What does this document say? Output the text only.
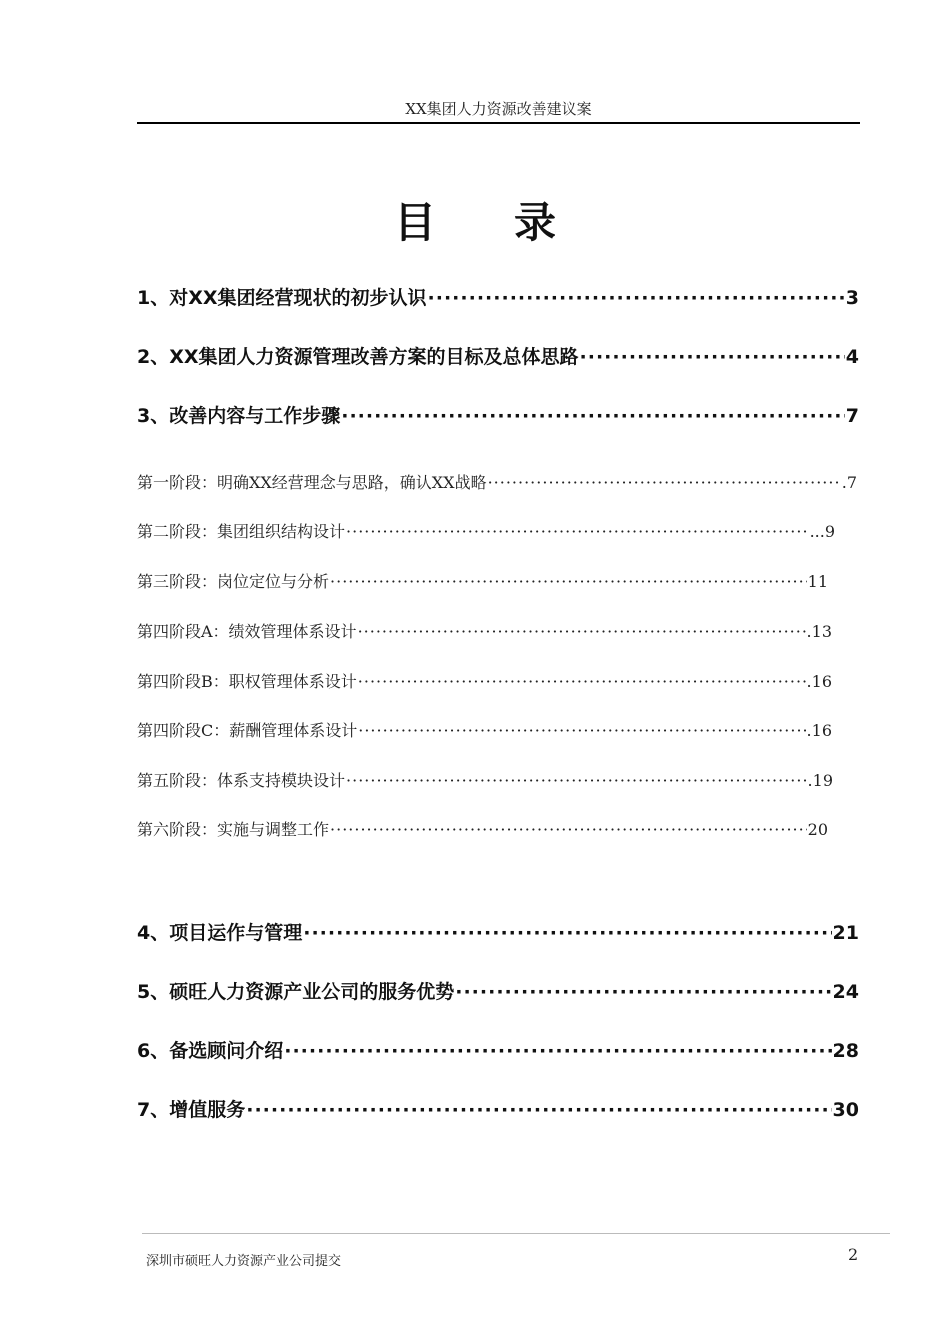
XX集团人力资源改善建议案
目 录
1、对XX集团经营现状的初步认识 ·····	3
2、XX集团人力资源管理改善方案的目标及总体思路 ·····	4
3、改善内容与工作步骤 ·····	7
第一阶段：明确XX经营理念与思路，确认XX战略 ·····	.7
第二阶段：集团组织结构设计 ·····	...9
第三阶段：岗位定位与分析 ·····	11
第四阶段A：绩效管理体系设计 ·····	.13
第四阶段B：职权管理体系设计 ·····	.16
第四阶段C：薪酬管理体系设计 ·····	.16
第五阶段：体系支持模块设计 ·····	.19
第六阶段：实施与调整工作 ·····	20
4、项目运作与管理 ·····	21
5、硕旺人力资源产业公司的服务优势 ·····	24
6、备选顾问介绍 ·····	28
7、增值服务 ·····	30
深圳市硕旺人力资源产业公司提交	2
